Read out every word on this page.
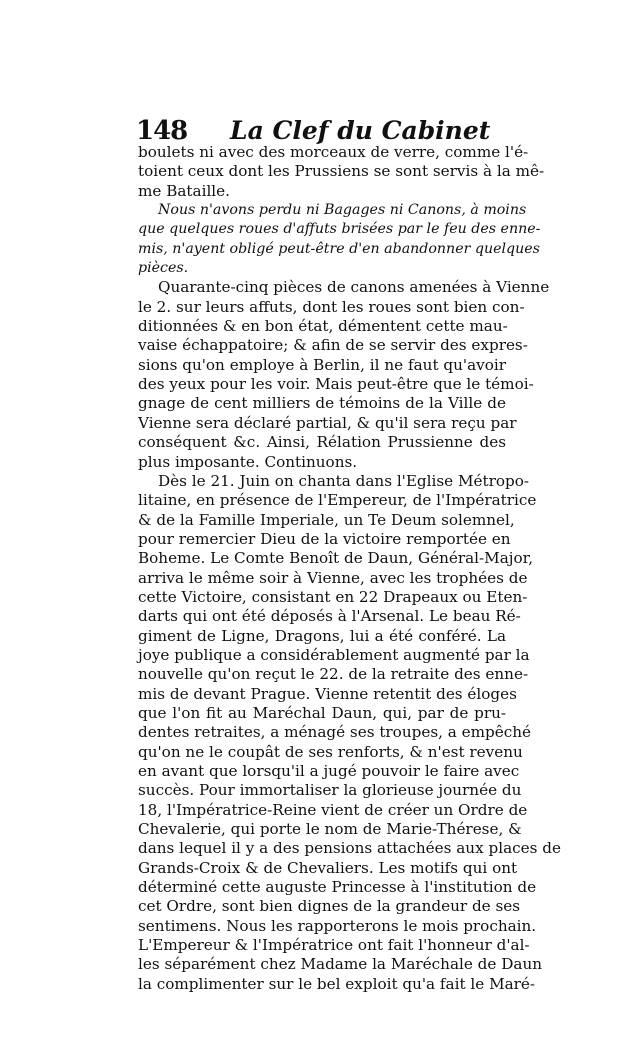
148 La Clef du Cabinet
boulets ni avec des morceaux de verre, comme l'é-
toient ceux dont les Prussiens se sont servis à la mê-
me Bataille.
Nous n'avons perdu ni Bagages ni Canons, à moins
que quelques roues d'affuts brisées par le feu des enne-
mis, n'ayent obligé peut-être d'en abandonner quelques
pièces.
Quarante-cinq pièces de canons amenées à Vienne
le 2. sur leurs affuts, dont les roues sont bien con-
ditionnées & en bon état, démentent cette mau-
vaise échappatoire; & afin de se servir des expres-
sions qu'on employe à Berlin, il ne faut qu'avoir
des yeux pour les voir. Mais peut-être que le témoi-
gnage de cent milliers de témoins de la Ville de
Vienne sera déclaré partial, & qu'il sera reçu par
conséquent &c. Ainsi, Rélation Prussienne des
plus imposante. Continuons.
Dès le 21. Juin on chanta dans l'Eglise Métropo-
litaine, en présence de l'Empereur, de l'Impératrice
& de la Famille Imperiale, un Te Deum solemnel,
pour remercier Dieu de la victoire remportée en
Boheme. Le Comte Benoît de Daun, Général-Major,
arriva le même soir à Vienne, avec les trophées de
cette Victoire, consistant en 22 Drapeaux ou Eten-
darts qui ont été déposés à l'Arsenal. Le beau Ré-
giment de Ligne, Dragons, lui a été conféré. La
joye publique a considérablement augmenté par la
nouvelle qu'on reçut le 22. de la retraite des enne-
mis de devant Prague. Vienne retentit des éloges
que l'on fit au Maréchal Daun, qui, par de pru-
dentes retraites, a ménagé ses troupes, a empêché
qu'on ne le coupât de ses renforts, & n'est revenu
en avant que lorsqu'il a jugé pouvoir le faire avec
succès. Pour immortaliser la glorieuse journée du
18, l'Impératrice-Reine vient de créer un Ordre de
Chevalerie, qui porte le nom de Marie-Thérese, &
dans lequel il y a des pensions attachées aux places de
Grands-Croix & de Chevaliers. Les motifs qui ont
déterminé cette auguste Princesse à l'institution de
cet Ordre, sont bien dignes de la grandeur de ses
sentimens. Nous les rapporterons le mois prochain.
L'Empereur & l'Impératrice ont fait l'honneur d'al-
les séparément chez Madame la Maréchale de Daun
la complimenter sur le bel exploit qu'a fait le Maré-
